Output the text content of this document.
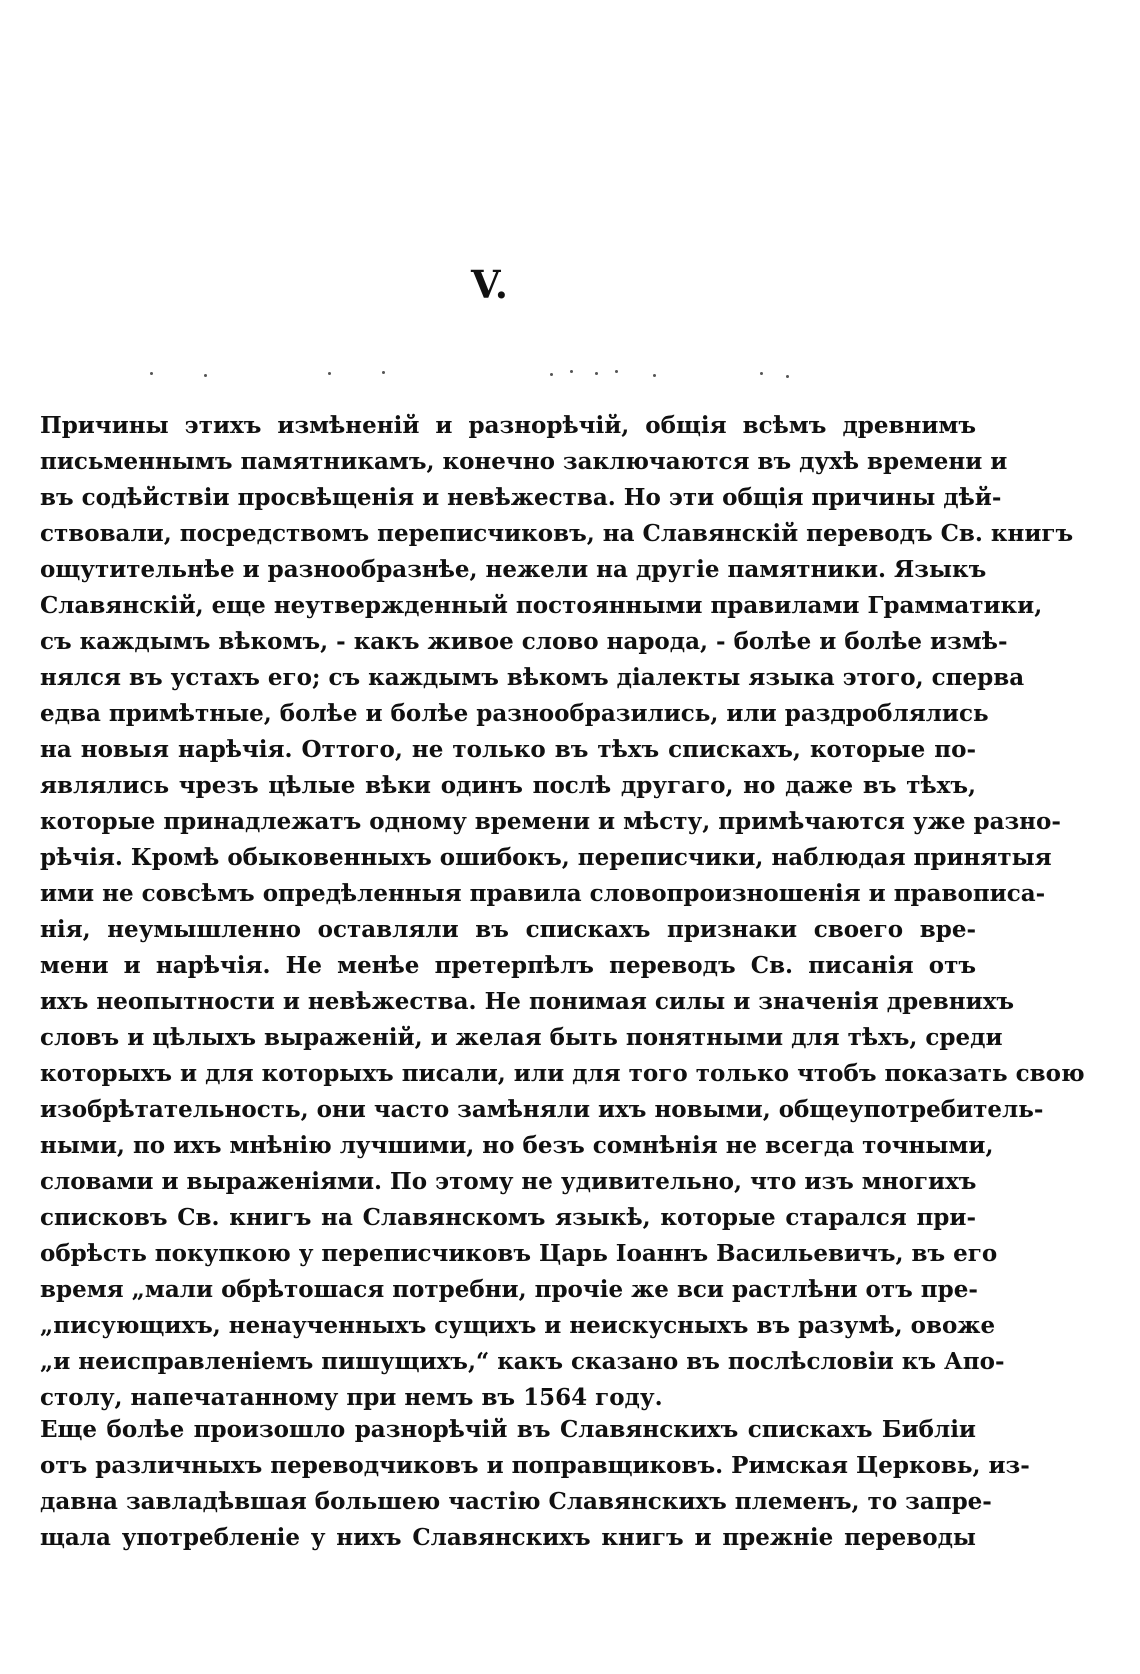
V.
Причины этихъ измѣненій и разнорѣчій, общія всѣмъ древнимъ
письменнымъ памятникамъ, конечно заключаются въ духѣ времени и
въ содѣйствіи просвѣщенія и невѣжества. Но эти общія причины дѣй-
ствовали, посредствомъ переписчиковъ, на Славянскій переводъ Св. книгъ
ощутительнѣе и разнообразнѣе, нежели на другіе памятники. Языкъ
Славянскій, еще неутвержденный постоянными правилами Грамматики,
съ каждымъ вѣкомъ, - какъ живое слово народа, - болѣе и болѣе измѣ-
нялся въ устахъ его; съ каждымъ вѣкомъ діалекты языка этого, сперва
едва примѣтные, болѣе и болѣе разнообразились, или раздроблялись
на новыя нарѣчія. Оттого, не только въ тѣхъ спискахъ, которые по-
являлись чрезъ цѣлые вѣки одинъ послѣ другаго, но даже въ тѣхъ,
которые принадлежатъ одному времени и мѣсту, примѣчаются уже разно-
рѣчія. Кромѣ обыковенныхъ ошибокъ, переписчики, наблюдая принятыя
ими не совсѣмъ опредѣленныя правила словопроизношенія и правописа-
нія, неумышленно оставляли въ спискахъ признаки своего вре-
мени и нарѣчія. Не менѣе претерпѣлъ переводъ Св. писанія отъ
ихъ неопытности и невѣжества. Не понимая силы и значенія древнихъ
словъ и цѣлыхъ выраженій, и желая быть понятными для тѣхъ, среди
которыхъ и для которыхъ писали, или для того только чтобъ показать свою
изобрѣтательность, они часто замѣняли ихъ новыми, общеупотребитель-
ными, по ихъ мнѣнію лучшими, но безъ сомнѣнія не всегда точными,
словами и выраженіями. По этому не удивительно, что изъ многихъ
списковъ Св. книгъ на Славянскомъ языкѣ, которые старался при-
обрѣсть покупкою у переписчиковъ Царь Іоаннъ Васильевичъ, въ его
время „мали обрѣтошася потребни, прочіе же вси растлѣни отъ пре-
„писующихъ, ненаученныхъ сущихъ и неискусныхъ въ разумѣ, овоже
„и неисправленіемъ пишущихъ,“ какъ сказано въ послѣсловіи къ Апо-
столу, напечатанному при немъ въ 1564 году.
Еще болѣе произошло разнорѣчій въ Славянскихъ спискахъ Библіи
отъ различныхъ переводчиковъ и поправщиковъ. Римская Церковь, из-
давна завладѣвшая большею частію Славянскихъ племенъ, то запре-
щала употребленіе у нихъ Славянскихъ книгъ и прежніе переводы
